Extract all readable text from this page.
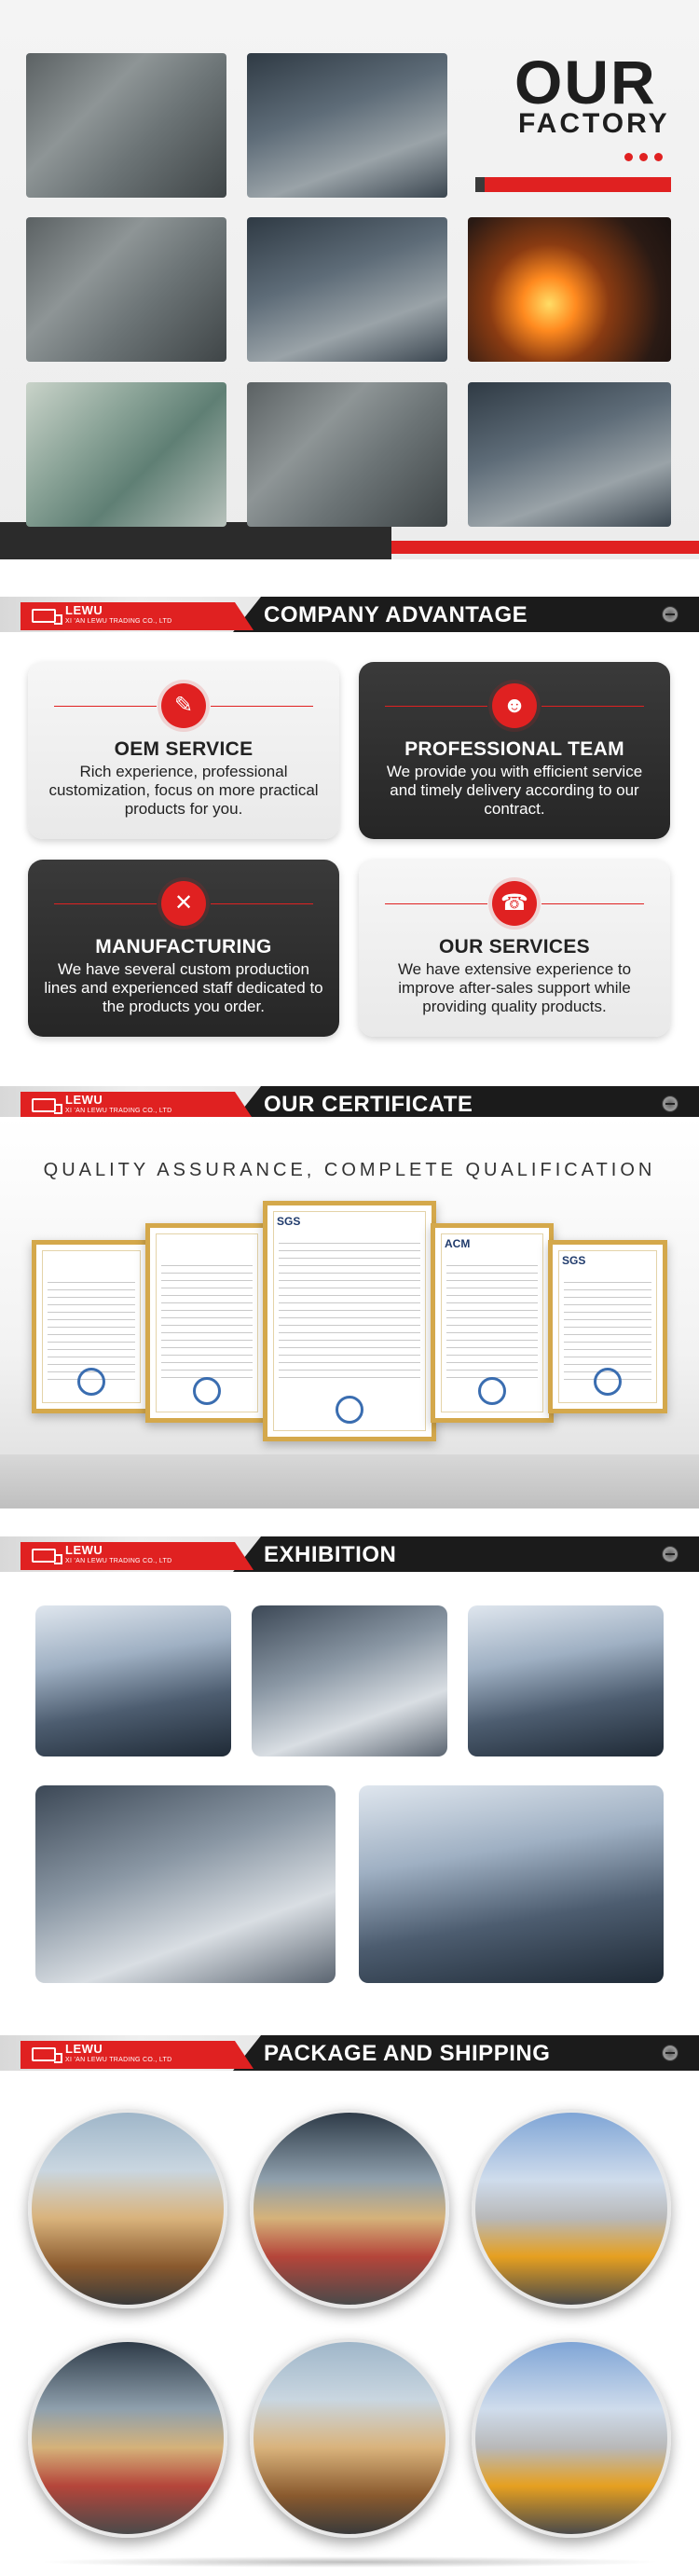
OUR
FACTORY
LEWU
XI 'AN LEWU TRADING CO., LTD	COMPANY ADVANTAGE
✎
OEM SERVICE
Rich experience, professional customization, focus on more practical products for you.
☻
PROFESSIONAL TEAM
We provide you with efficient service and timely delivery according to our contract.
✕
MANUFACTURING
We have several custom production lines and experienced staff dedicated to the products you order.
☎
OUR SERVICES
We have extensive experience to improve after-sales support while providing quality products.
LEWU
XI 'AN LEWU TRADING CO., LTD	OUR CERTIFICATE
QUALITY ASSURANCE, COMPLETE QUALIFICATION
SGS
ACM
SGS
LEWU
XI 'AN LEWU TRADING CO., LTD	EXHIBITION
LEWU
XI 'AN LEWU TRADING CO., LTD	PACKAGE AND SHIPPING
